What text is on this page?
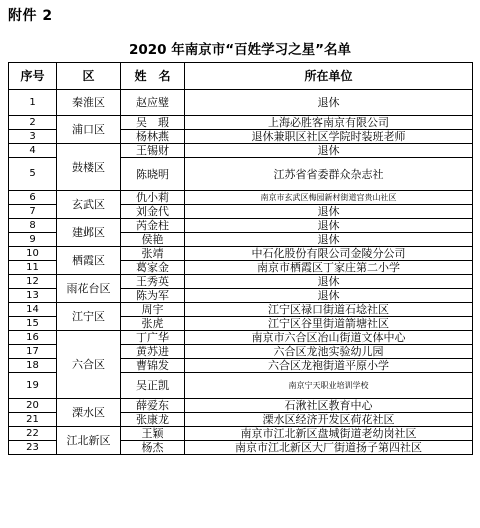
附件 2
2020 年南京市“百姓学习之星”名单
序号	区	姓　名	所在单位
1	秦淮区	赵应璧	退休
2	浦口区	吴　瑕	上海必胜客南京有限公司
3		杨林燕	退休兼职区社区学院时装班老师
4	鼓楼区	王锡财	退休
5		陈晓明	江苏省省委群众杂志社
6	玄武区	仇小莉	南京市玄武区梅园新村街道宫贵山社区
7		刘金代	退休
8	建邺区	芮金柱	退休
9		侯艳	退休
10	栖霞区	张靖	中石化股份有限公司金陵分公司
11		葛家金	南京市栖霞区丁家庄第二小学
12	雨花台区	王秀英	退休
13		陈为军	退休
14	江宁区	周宇	江宁区禄口街道石埝社区
15		张虎	江宁区谷里街道箭塘社区
16	六合区	丁广华	南京市六合区冶山街道文体中心
17		黄苏进	六合区龙池实验幼儿园
18		曹锦发	六合区龙袍街道平原小学
19		吴正凯	南京宁天职业培训学校
20	溧水区	薛爱东	石湫社区教育中心
21		张康龙	溧水区经济开发区荷花社区
22	江北新区	王颖	南京市江北新区盘城街道老幼岗社区
23		杨杰	南京市江北新区大厂街道扬子第四社区
